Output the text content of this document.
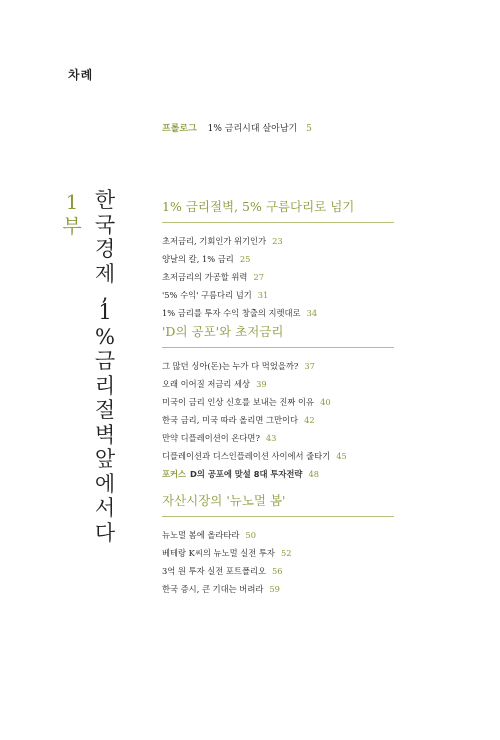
차례
프롤로그 1% 금리시대 살아남기 5
1
부
한
국
경
제
,
1
%
금
리
절
벽
앞
에
서
다
1% 금리절벽, 5% 구름다리로 넘기
초저금리, 기회인가 위기인가 23
양날의 칼, 1% 금리 25
초저금리의 가공할 위력 27
'5% 수익' 구름다리 넘기 31
1% 금리를 투자 수익 창출의 지렛대로 34
'D의 공포'와 초저금리
그 많던 싱아(돈)는 누가 다 먹었을까? 37
오래 이어질 저금리 세상 39
미국이 금리 인상 신호를 보내는 진짜 이유 40
한국 금리, 미국 따라 올리면 그만이다 42
만약 디플레이션이 온다면? 43
디플레이션과 디스인플레이션 사이에서 줄타기 45
포커스 D의 공포에 맞설 8대 투자전략 48
자산시장의 '뉴노멀 봄'
뉴노멀 봄에 올라타라 50
베테랑 K씨의 뉴노멀 실전 투자 52
3억 원 투자 실전 포트폴리오 56
한국 증시, 큰 기대는 버려라 59
